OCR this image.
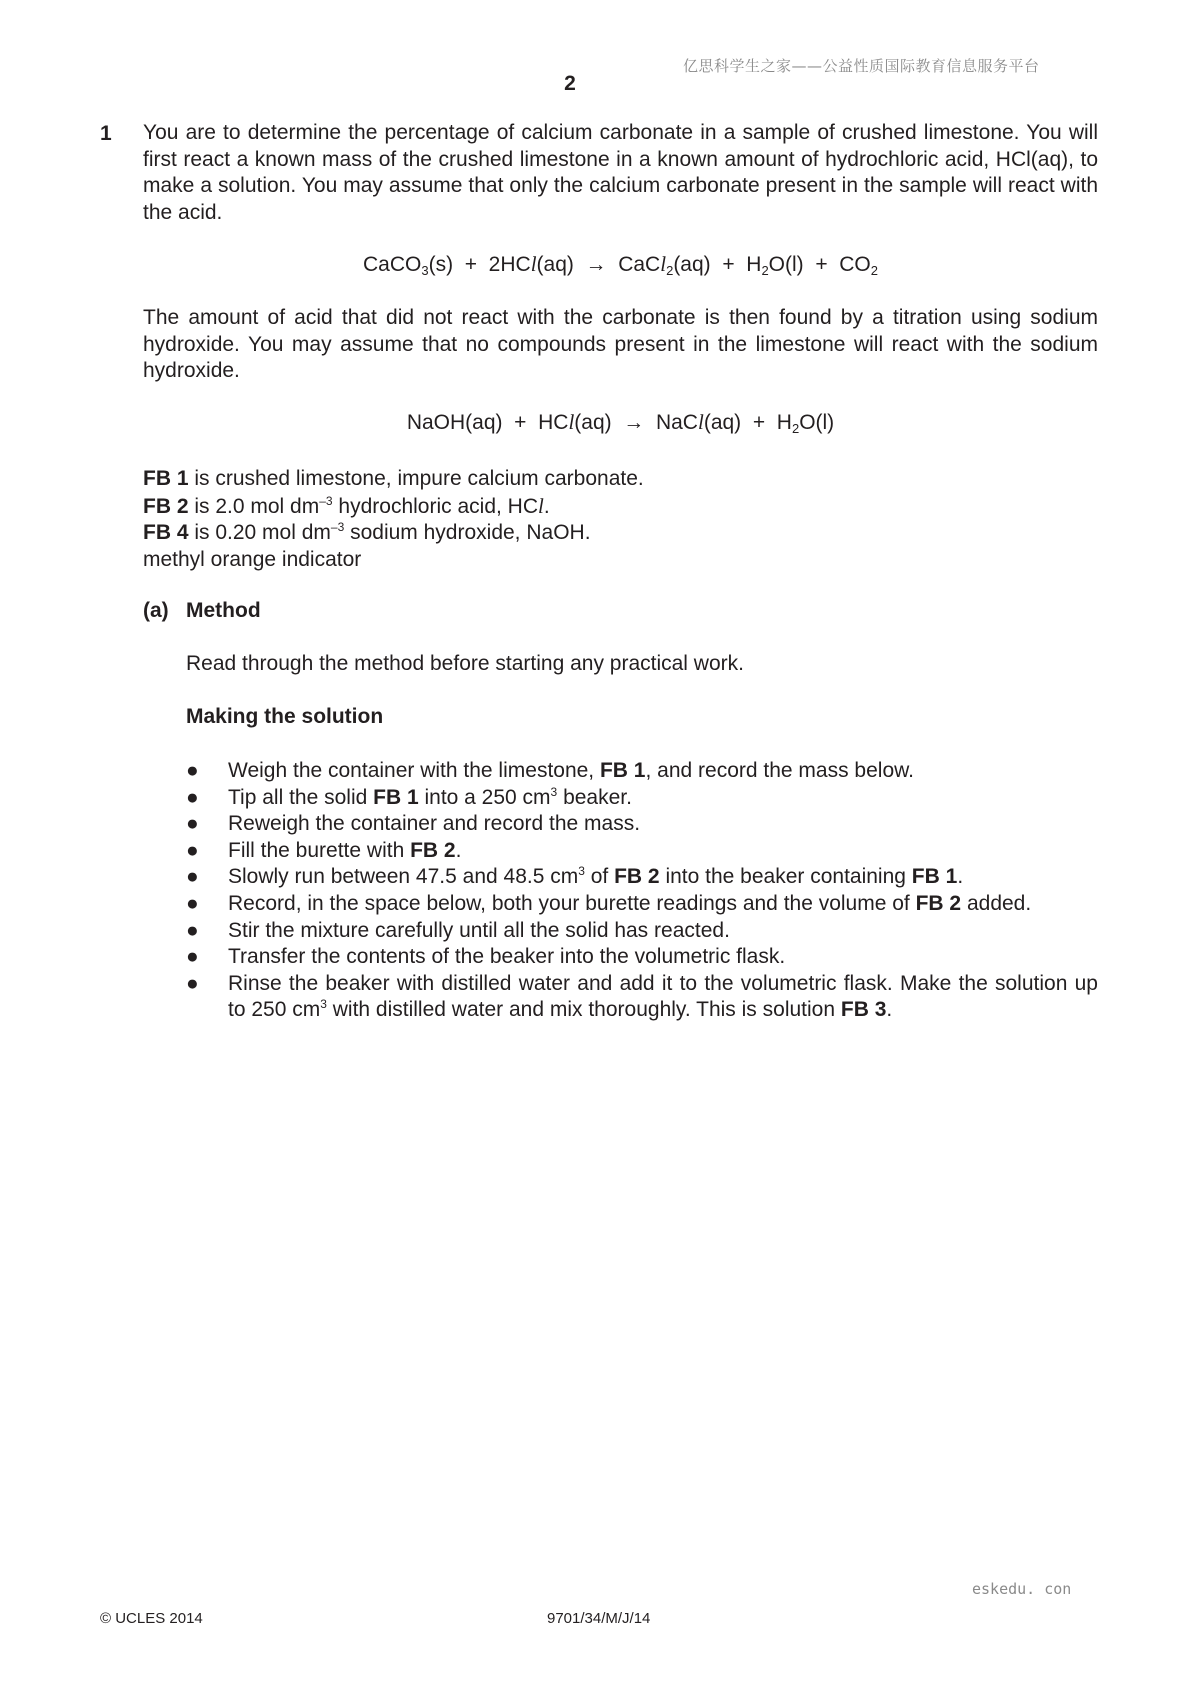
亿思科学生之家——公益性质国际教育信息服务平台
2
1 You are to determine the percentage of calcium carbonate in a sample of crushed limestone. You will first react a known mass of the crushed limestone in a known amount of hydrochloric acid, HCl(aq), to make a solution. You may assume that only the calcium carbonate present in the sample will react with the acid.

CaCO$_3$(s)  +  2HCl(aq)  →  CaCl$_2$(aq)  +  $H_2O(l) + CO_2$

The amount of acid that did not react with the carbonate is then found by a titration using sodium hydroxide. You may assume that no compounds present in the limestone will react with the sodium hydroxide.

NaOH(aq)  +  HCl(aq)  →  NaCl(aq)  +  $H_2O(l)$
FB 1 is crushed limestone, impure calcium carbonate.
FB 2 is 2.0 mol $dm^{-3}$ hydrochloric acid, HCl.
FB 4 is 0.20 mol $dm^{-3}$ sodium hydroxide, NaOH.
methyl orange indicator
(a) Method
Read through the method before starting any practical work.
Making the solution
● Weigh the container with the limestone, FB 1, and record the mass below.
● Tip all the solid FB 1 into a 250 $cm^3$ beaker.
● Reweigh the container and record the mass.
● Fill the burette with FB 2.
● Slowly run between 47.5 and 48.5 $cm^3$ of FB 2 into the beaker containing FB 1.
● Record, in the space below, both your burette readings and the volume of FB 2 added.
● Stir the mixture carefully until all the solid has reacted.
● Transfer the contents of the beaker into the volumetric flask.
● Rinse the beaker with distilled water and add it to the volumetric flask. Make the solution up to 250 $cm^3$ with distilled water and mix thoroughly. This is solution FB 3.
eskedu. con
© UCLES 2014	9701/34/M/J/14
